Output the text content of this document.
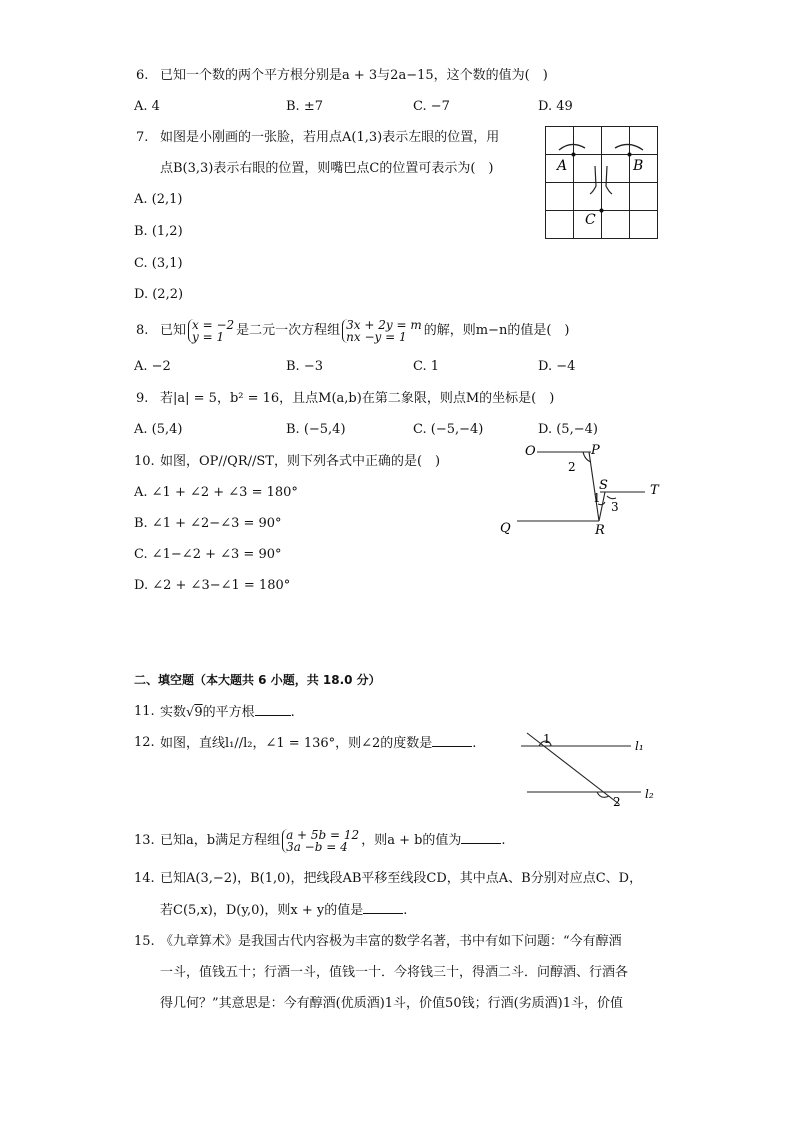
6. 已知一个数的两个平方根分别是a + 3与2a−15，这个数的值为(　)
A. 4	B. ±7	C. −7	D. 49
7. 如图是小刚画的一张脸，若用点A(1,3)表示左眼的位置，用
点B(3,3)表示右眼的位置，则嘴巴点C的位置可表示为(　)
A. (2,1)
B. (1,2)
C. (3,1)
D. (2,2)
A	B
C
8. 已知 x = −2
y = 1 是二元一次方程组 3x + 2y = m
nx −y = 1	的解，则m−n的值是(　)
A. −2	B. −3	C. 1	D. −4
9. 若|a| = 5，b² = 16，且点M(a,b)在第二象限，则点M的坐标是(　)
A. (5,4)	B. (−5,4)	C. (−5,−4)	D. (5,−4)
10. 如图，OP//QR//ST，则下列各式中正确的是(　)
A. ∠1 + ∠2 + ∠3 = 180°
B. ∠1 + ∠2−∠3 = 90°
C. ∠1−∠2 + ∠3 = 90°
D. ∠2 + ∠3−∠1 = 180°
O	P
2
S	T
1
3
Q	R
二、填空题（本大题共 6 小题，共 18.0 分）
11. 实数√9的平方根	.
12. 如图，直线l₁//l₂，∠1 = 136°，则∠2的度数是	.	1
2
l₁
l₂
13. 已知a，b满足方程组 a + 5b = 12
3a −b = 4	，则a + b的值为	.
14. 已知A(3,−2)，B(1,0)，把线段AB平移至线段CD，其中点A、B分别对应点C、D，
若C(5,x)，D(y,0)，则x + y的值是	.
15. 《九章算术》是我国古代内容极为丰富的数学名著，书中有如下问题：“今有醇酒
一斗，值钱五十；行酒一斗，值钱一十．今将钱三十，得酒二斗．问醇酒、行酒各
得几何？”其意思是：今有醇酒(优质酒)1斗，价值50钱；行酒(劣质酒)1斗，价值
